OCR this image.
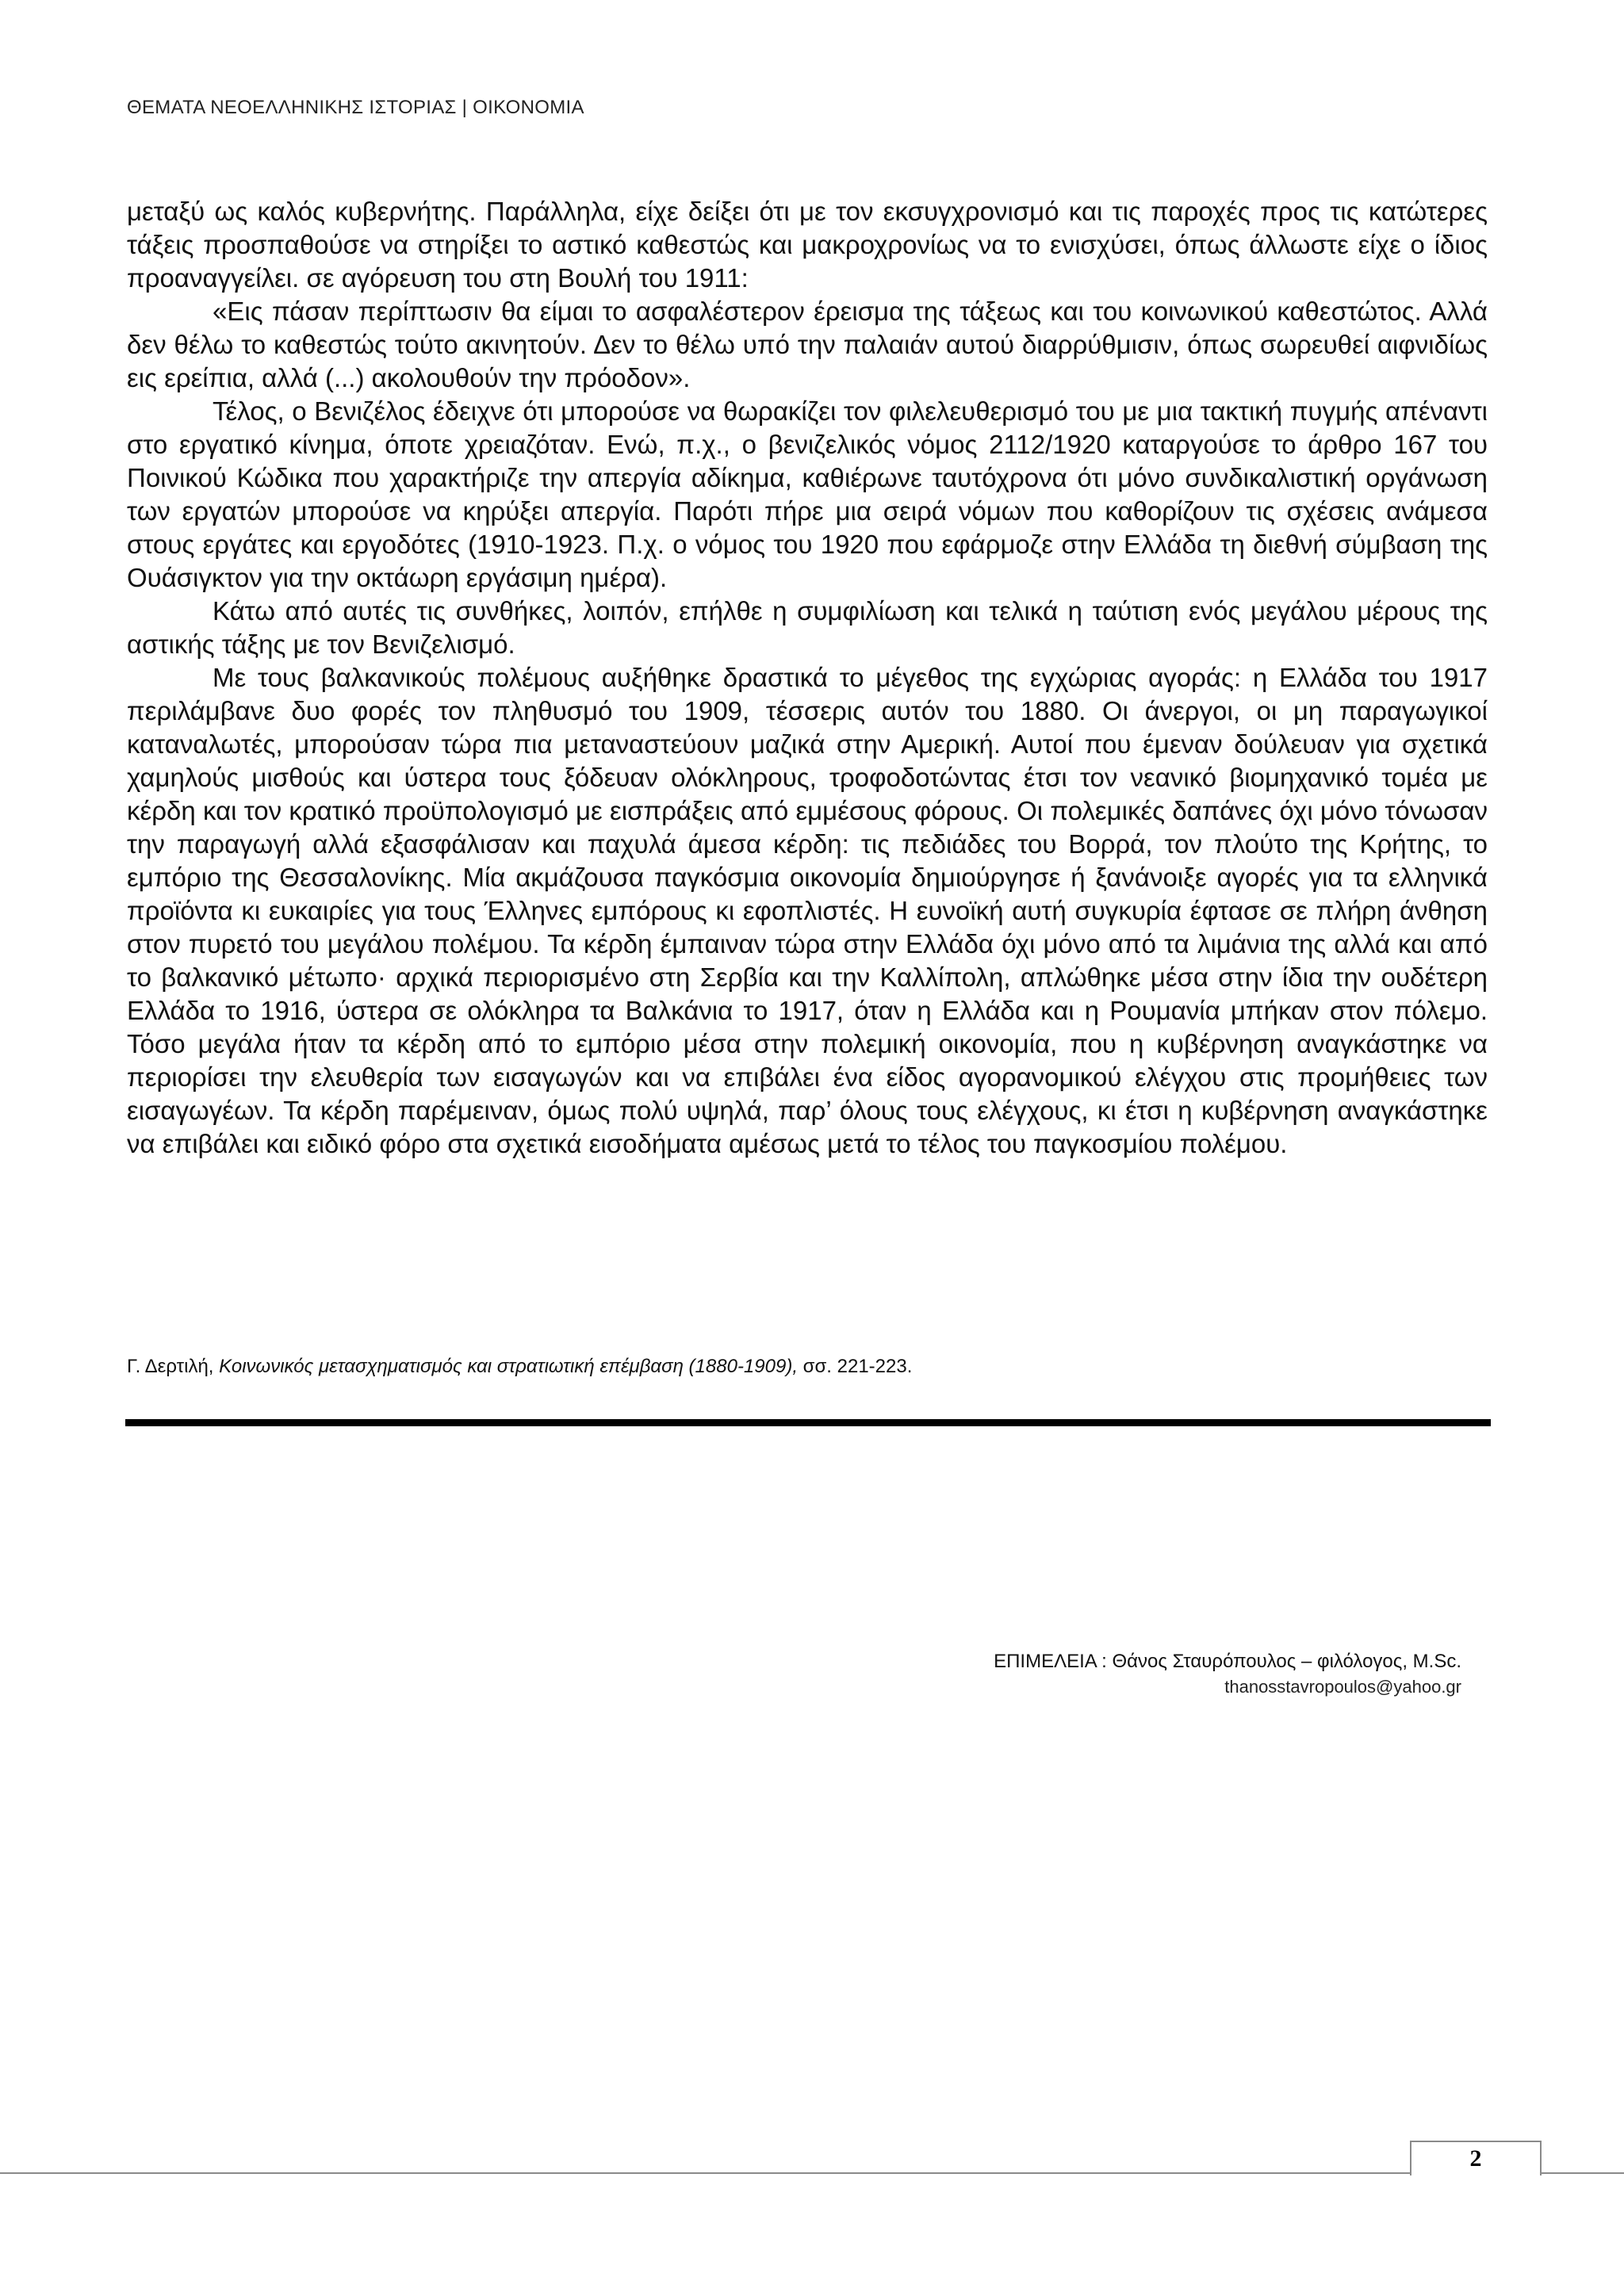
ΘΕΜΑΤΑ ΝΕΟΕΛΛΗΝΙΚΗΣ ΙΣΤΟΡΙΑΣ | ΟΙΚΟΝΟΜΙΑ

μεταξύ ως καλός κυβερνήτης. Παράλληλα, είχε δείξει ότι με τον εκσυγχρονισμό και τις παροχές προς τις κατώτερες τάξεις προσπαθούσε να στηρίξει το αστικό καθεστώς και μακροχρονίως να το ενισχύσει, όπως άλλωστε είχε ο ίδιος προαναγγείλει. σε αγόρευση του στη Βουλή του 1911:

«Εις πάσαν περίπτωσιν θα είμαι το ασφαλέστερον έρεισμα της τάξεως και του κοινωνικού καθεστώτος. Αλλά δεν θέλω το καθεστώς τούτο ακινητούν. Δεν το θέλω υπό την παλαιάν αυτού διαρρύθμισιν, όπως σωρευθεί αιφνιδίως εις ερείπια, αλλά (...) ακολουθούν την πρόοδον».

Τέλος, ο Βενιζέλος έδειχνε ότι μπορούσε να θωρακίζει τον φιλελευθερισμό του με μια τακτική πυγμής απέναντι στο εργατικό κίνημα, όποτε χρειαζόταν. Ενώ, π.χ., ο βενιζελικός νόμος 2112/1920 καταργούσε το άρθρο 167 του Ποινικού Κώδικα που χαρακτήριζε την απεργία αδίκημα, καθιέρωνε ταυτόχρονα ότι μόνο συνδικαλιστική οργάνωση των εργατών μπορούσε να κηρύξει απεργία. Παρότι πήρε μια σειρά νόμων που καθορίζουν τις σχέσεις ανάμεσα στους εργάτες και εργοδότες (1910-1923. Π.χ. ο νόμος του 1920 που εφάρμοζε στην Ελλάδα τη διεθνή σύμβαση της Ουάσιγκτον για την οκτάωρη εργάσιμη ημέρα).

Κάτω από αυτές τις συνθήκες, λοιπόν, επήλθε η συμφιλίωση και τελικά η ταύτιση ενός μεγάλου μέρους της αστικής τάξης με τον Βενιζελισμό.

Με τους βαλκανικούς πολέμους αυξήθηκε δραστικά το μέγεθος της εγχώριας αγοράς: η Ελλάδα του 1917 περιλάμβανε δυο φορές τον πληθυσμό του 1909, τέσσερις αυτόν του 1880. Οι άνεργοι, οι μη παραγωγικοί καταναλωτές, μπορούσαν τώρα πια μεταναστεύουν μαζικά στην Αμερική. Αυτοί που έμεναν δούλευαν για σχετικά χαμηλούς μισθούς και ύστερα τους ξόδευαν ολόκληρους, τροφοδοτώντας έτσι τον νεανικό βιομηχανικό τομέα με κέρδη και τον κρατικό προϋπολογισμό με εισπράξεις από εμμέσους φόρους. Οι πολεμικές δαπάνες όχι μόνο τόνωσαν την παραγωγή αλλά εξασφάλισαν και παχυλά άμεσα κέρδη: τις πεδιάδες του Βορρά, τον πλούτο της Κρήτης, το εμπόριο της Θεσσαλονίκης. Μία ακμάζουσα παγκόσμια οικονομία δημιούργησε ή ξανάνοιξε αγορές για τα ελληνικά προϊόντα κι ευκαιρίες για τους Έλληνες εμπόρους κι εφοπλιστές. Η ευνοϊκή αυτή συγκυρία έφτασε σε πλήρη άνθηση στον πυρετό του μεγάλου πολέμου. Τα κέρδη έμπαιναν τώρα στην Ελλάδα όχι μόνο από τα λιμάνια της αλλά και από το βαλκανικό μέτωπο· αρχικά περιορισμένο στη Σερβία και την Καλλίπολη, απλώθηκε μέσα στην ίδια την ουδέτερη Ελλάδα το 1916, ύστερα σε ολόκληρα τα Βαλκάνια το 1917, όταν η Ελλάδα και η Ρουμανία μπήκαν στον πόλεμο. Τόσο μεγάλα ήταν τα κέρδη από το εμπόριο μέσα στην πολεμική οικονομία, που η κυβέρνηση αναγκάστηκε να περιορίσει την ελευθερία των εισαγωγών και να επιβάλει ένα είδος αγορανομικού ελέγχου στις προμήθειες των εισαγωγέων. Τα κέρδη παρέμειναν, όμως πολύ υψηλά, παρ’ όλους τους ελέγχους, κι έτσι η κυβέρνηση αναγκάστηκε να επιβάλει και ειδικό φόρο στα σχετικά εισοδήματα αμέσως μετά το τέλος του παγκοσμίου πολέμου.

Γ. Δερτιλή, Κοινωνικός μετασχηματισμός και στρατιωτική επέμβαση (1880-1909), σσ. 221-223.
ΕΠΙΜΕΛΕΙΑ : Θάνος Σταυρόπουλος – φιλόλογος, M.Sc.
thanosstavropoulos@yahoo.gr
2
